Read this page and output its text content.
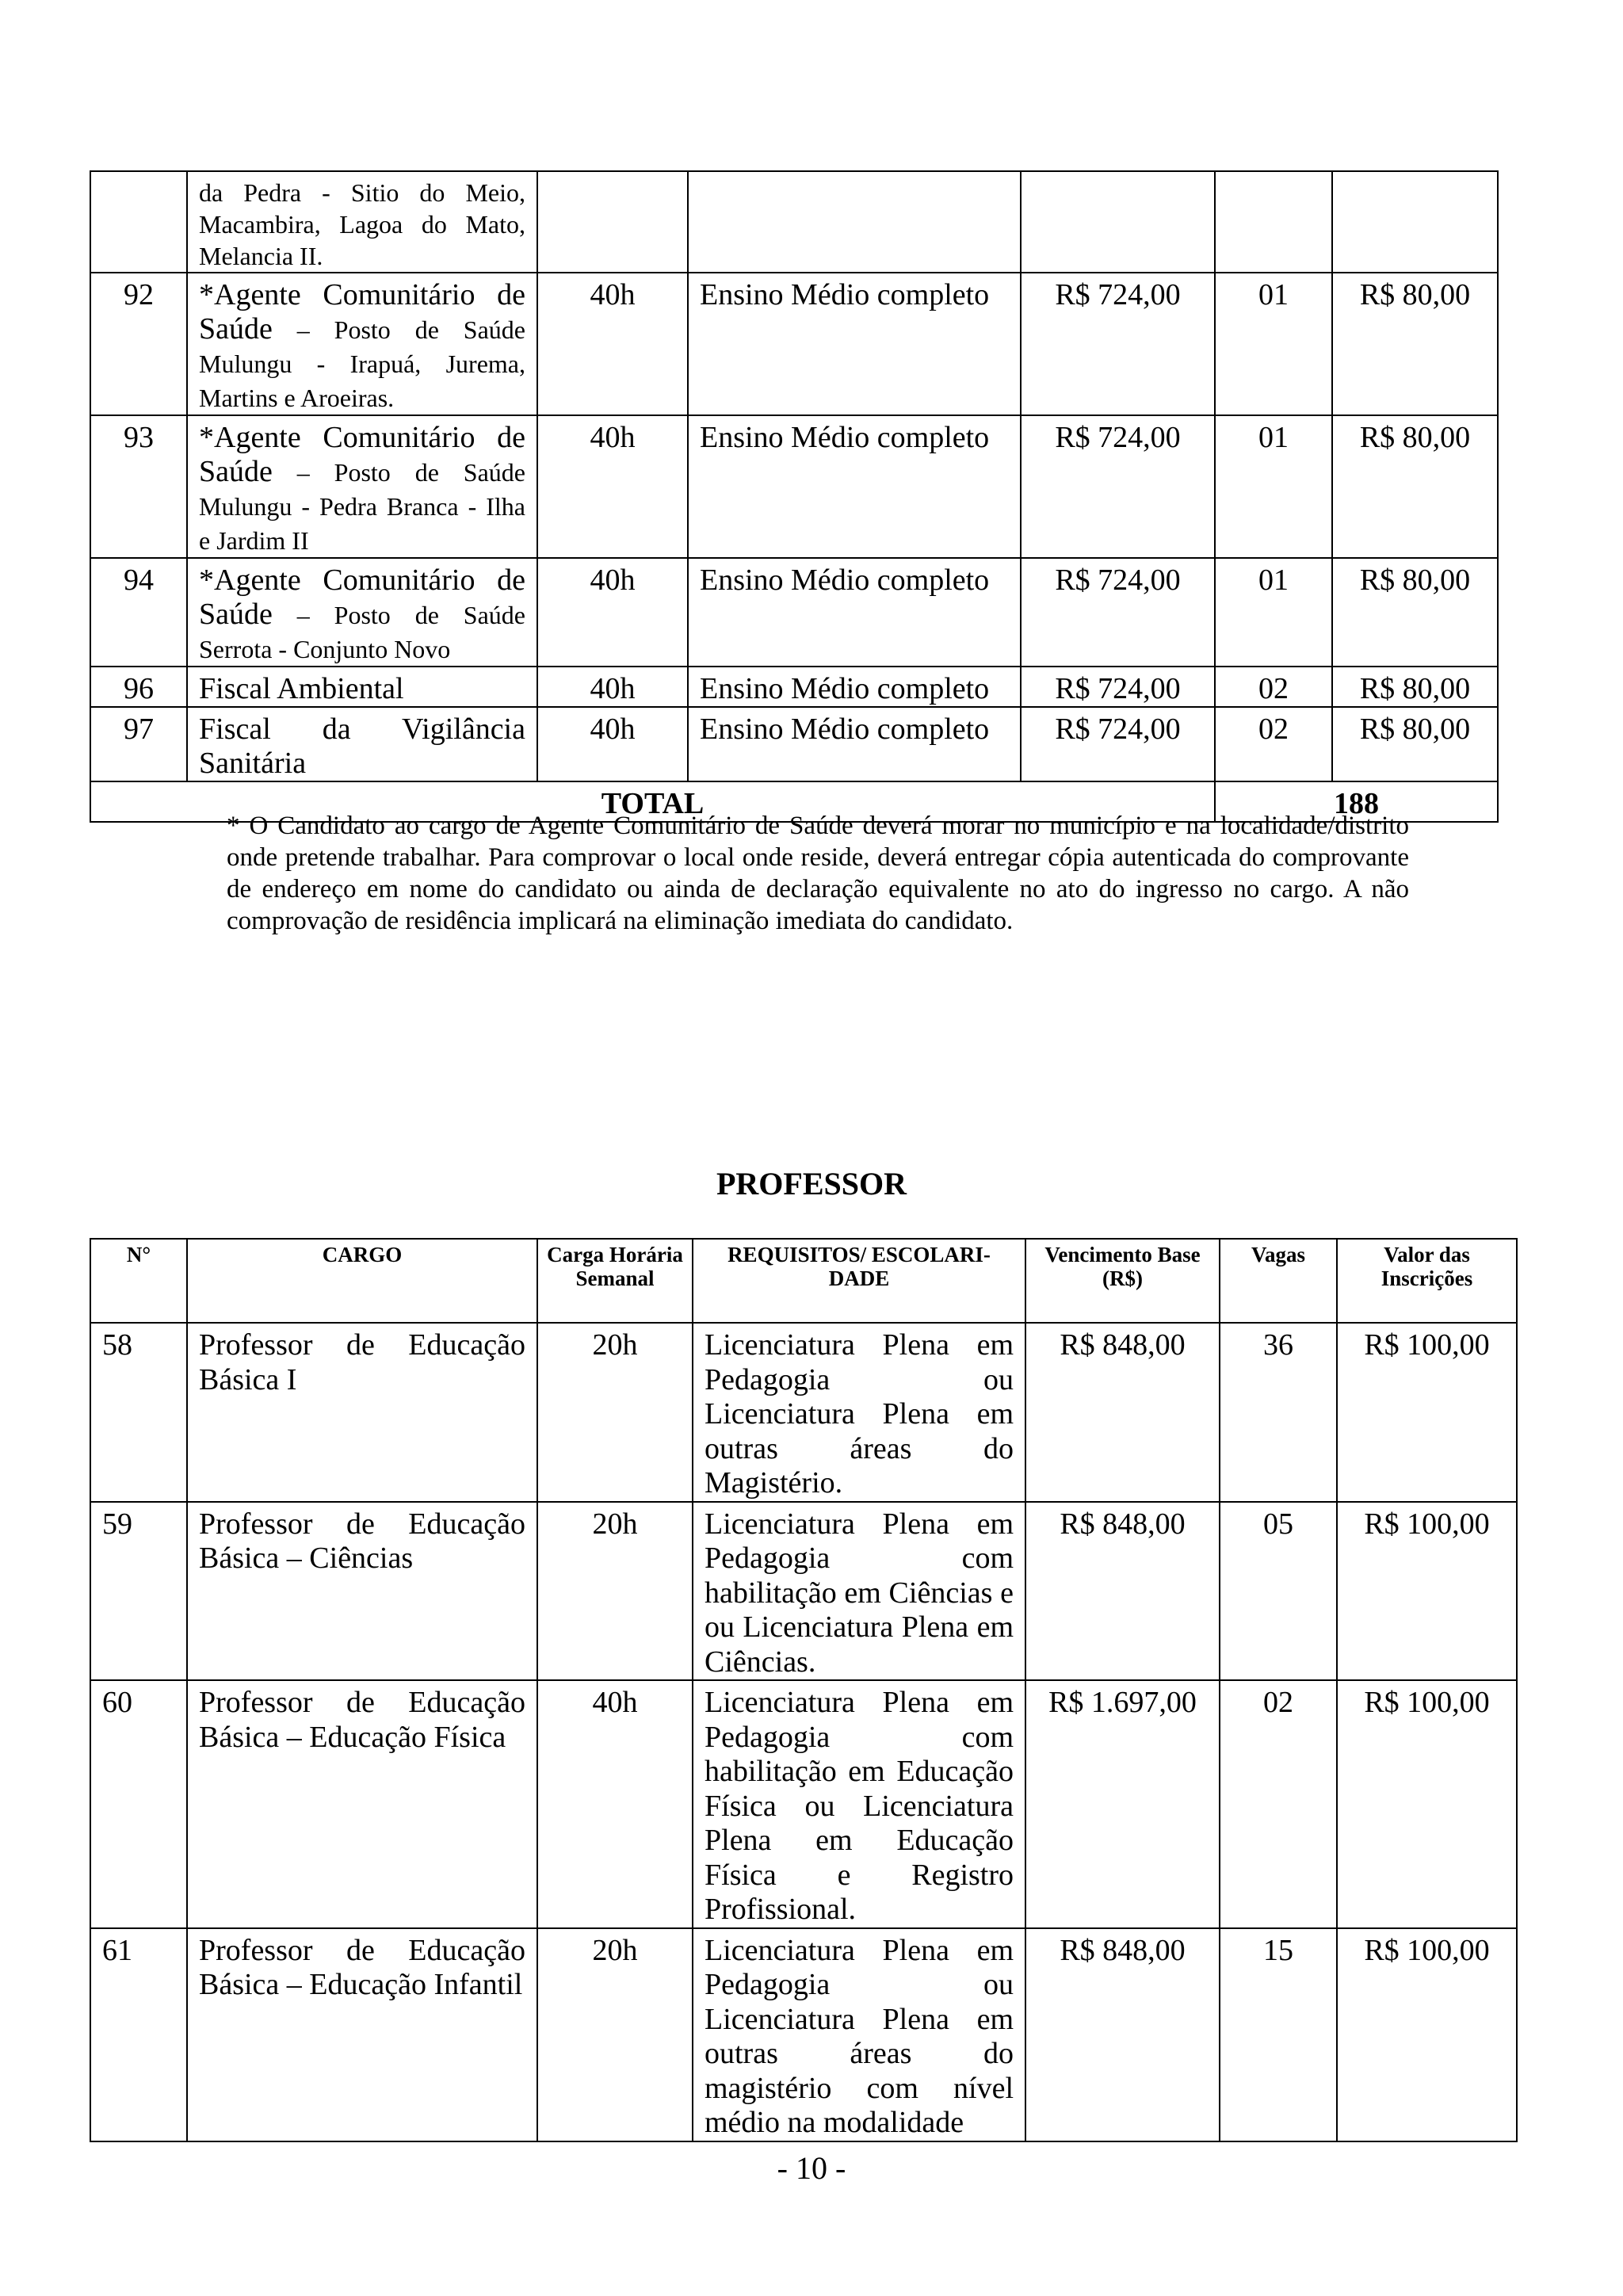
	da Pedra - Sitio do Meio, Macambira, Lagoa do Mato, Melancia II.					
92	*Agente Comunitário de Saúde – Posto de Saúde Mulungu - Irapuá, Jurema, Martins e Aroeiras.	40h	Ensino Médio completo	R$ 724,00	01	R$ 80,00
93	*Agente Comunitário de Saúde – Posto de Saúde Mulungu - Pedra Branca - Ilha e Jardim II	40h	Ensino Médio completo	R$ 724,00	01	R$ 80,00
94	*Agente Comunitário de Saúde – Posto de Saúde Serrota - Conjunto Novo	40h	Ensino Médio completo	R$ 724,00	01	R$ 80,00
96	Fiscal Ambiental	40h	Ensino Médio completo	R$ 724,00	02	R$ 80,00
97	Fiscal da Vigilância Sanitária	40h	Ensino Médio completo	R$ 724,00	02	R$ 80,00
TOTAL					188	

* O Candidato ao cargo de Agente Comunitário de Saúde deverá morar no município e na localidade/distrito onde pretende trabalhar. Para comprovar o local onde reside, deverá entregar cópia autenticada do comprovante de endereço em nome do candidato ou ainda de declaração equivalente no ato do ingresso no cargo. A não comprovação de residência implicará na eliminação imediata do candidato.

PROFESSOR
N°	CARGO	Carga Horária Semanal	REQUISITOS/ ESCOLARI-DADE	Vencimento Base (R$)	Vagas	Valor das Inscrições
58	Professor de Educação Básica I	20h	Licenciatura Plena em Pedagogia ou Licenciatura Plena em outras áreas do Magistério.	R$ 848,00	36	R$ 100,00
59	Professor de Educação Básica – Ciências	20h	Licenciatura Plena em Pedagogia com habilitação em Ciências e ou Licenciatura Plena em Ciências.	R$ 848,00	05	R$ 100,00
60	Professor de Educação Básica – Educação Física	40h	Licenciatura Plena em Pedagogia com habilitação em Educação Física ou Licenciatura Plena em Educação Física e Registro Profissional.	R$ 1.697,00	02	R$ 100,00
61	Professor de Educação Básica – Educação Infantil	20h	Licenciatura Plena em Pedagogia ou Licenciatura Plena em outras áreas do magistério com nível médio na modalidade	R$ 848,00	15	R$ 100,00
- 10 -
